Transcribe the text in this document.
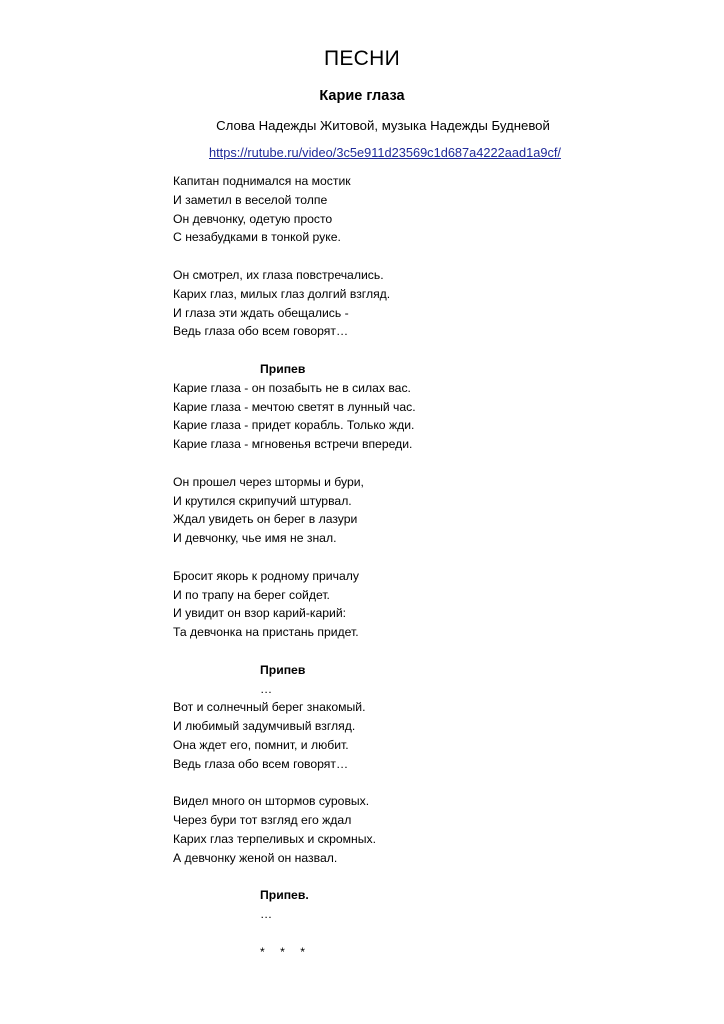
ПЕСНИ
Карие глаза
Слова Надежды Житовой, музыка Надежды Будневой
https://rutube.ru/video/3c5e911d23569c1d687a4222aad1a9cf/
Капитан поднимался на мостик
И заметил в веселой толпе
Он девчонку, одетую просто
С незабудками в тонкой руке.
Он смотрел, их глаза повстречались.
Карих глаз, милых глаз долгий взгляд.
И глаза эти ждать обещались -
Ведь глаза обо всем говорят…
Припев
Карие глаза - он позабыть не в силах вас.
Карие глаза - мечтою светят в лунный час.
Карие глаза - придет корабль. Только жди.
Карие глаза - мгновенья встречи впереди.
Он прошел через штормы и бури,
И крутился скрипучий штурвал.
Ждал увидеть он берег в лазури
И девчонку, чье имя не знал.
Бросит якорь к родному причалу
И по трапу на берег сойдет.
И увидит он взор карий-карий:
Та девчонка на пристань придет.
Припев
…
Вот и солнечный берег знакомый.
И любимый задумчивый взгляд.
Она ждет его, помнит, и любит.
Ведь глаза обо всем говорят…
Видел много он штормов суровых.
Через бури тот взгляд его ждал
Карих глаз терпеливых и скромных.
А девчонку женой он назвал.
Припев.
…
* * *
